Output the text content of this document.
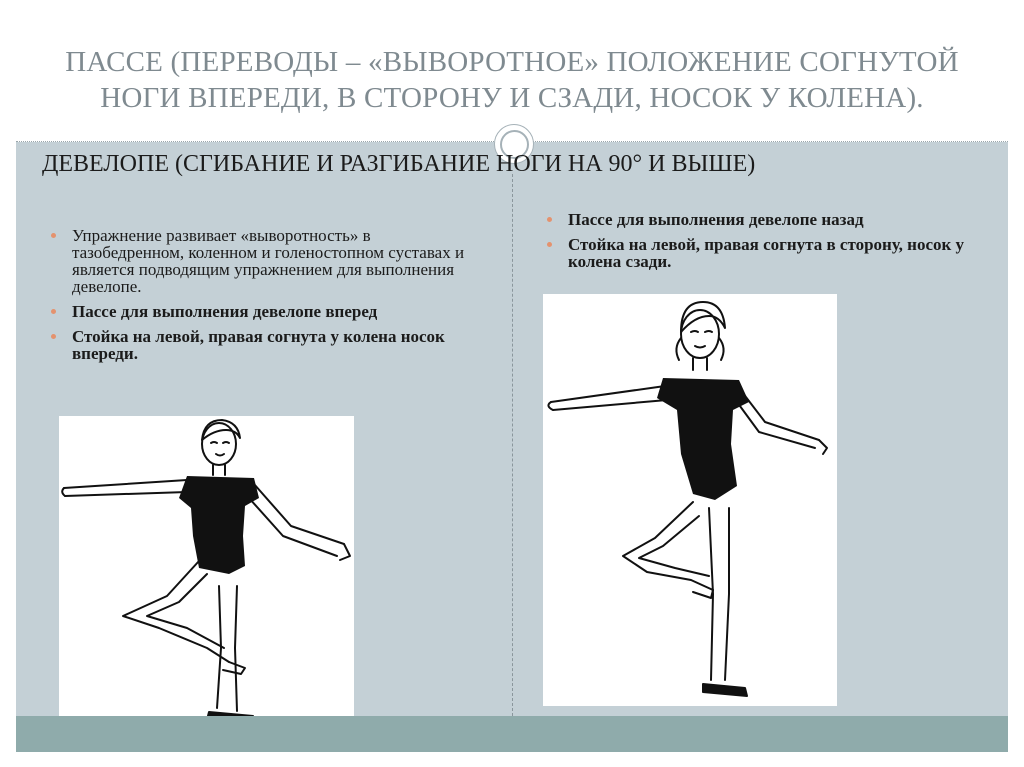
ПАССЕ (ПЕРЕВОДЫ – «ВЫВОРОТНОЕ» ПОЛОЖЕНИЕ СОГНУТОЙ
НОГИ ВПЕРЕДИ, В СТОРОНУ И СЗАДИ, НОСОК У КОЛЕНА).
ДЕВЕЛОПЕ (СГИБАНИЕ И РАЗГИБАНИЕ НОГИ НА 90° И ВЫШЕ)
Упражнение развивает «выворотность» в тазобедренном, коленном и голеностопном суставах и является подводящим упражнением для выполнения девелопе.
Пассе для выполнения девелопе вперед
Стойка на левой, правая согнута у колена носок впереди.
Пассе для выполнения девелопе назад
Стойка на левой, правая согнута в сторону, носок у колена сзади.
